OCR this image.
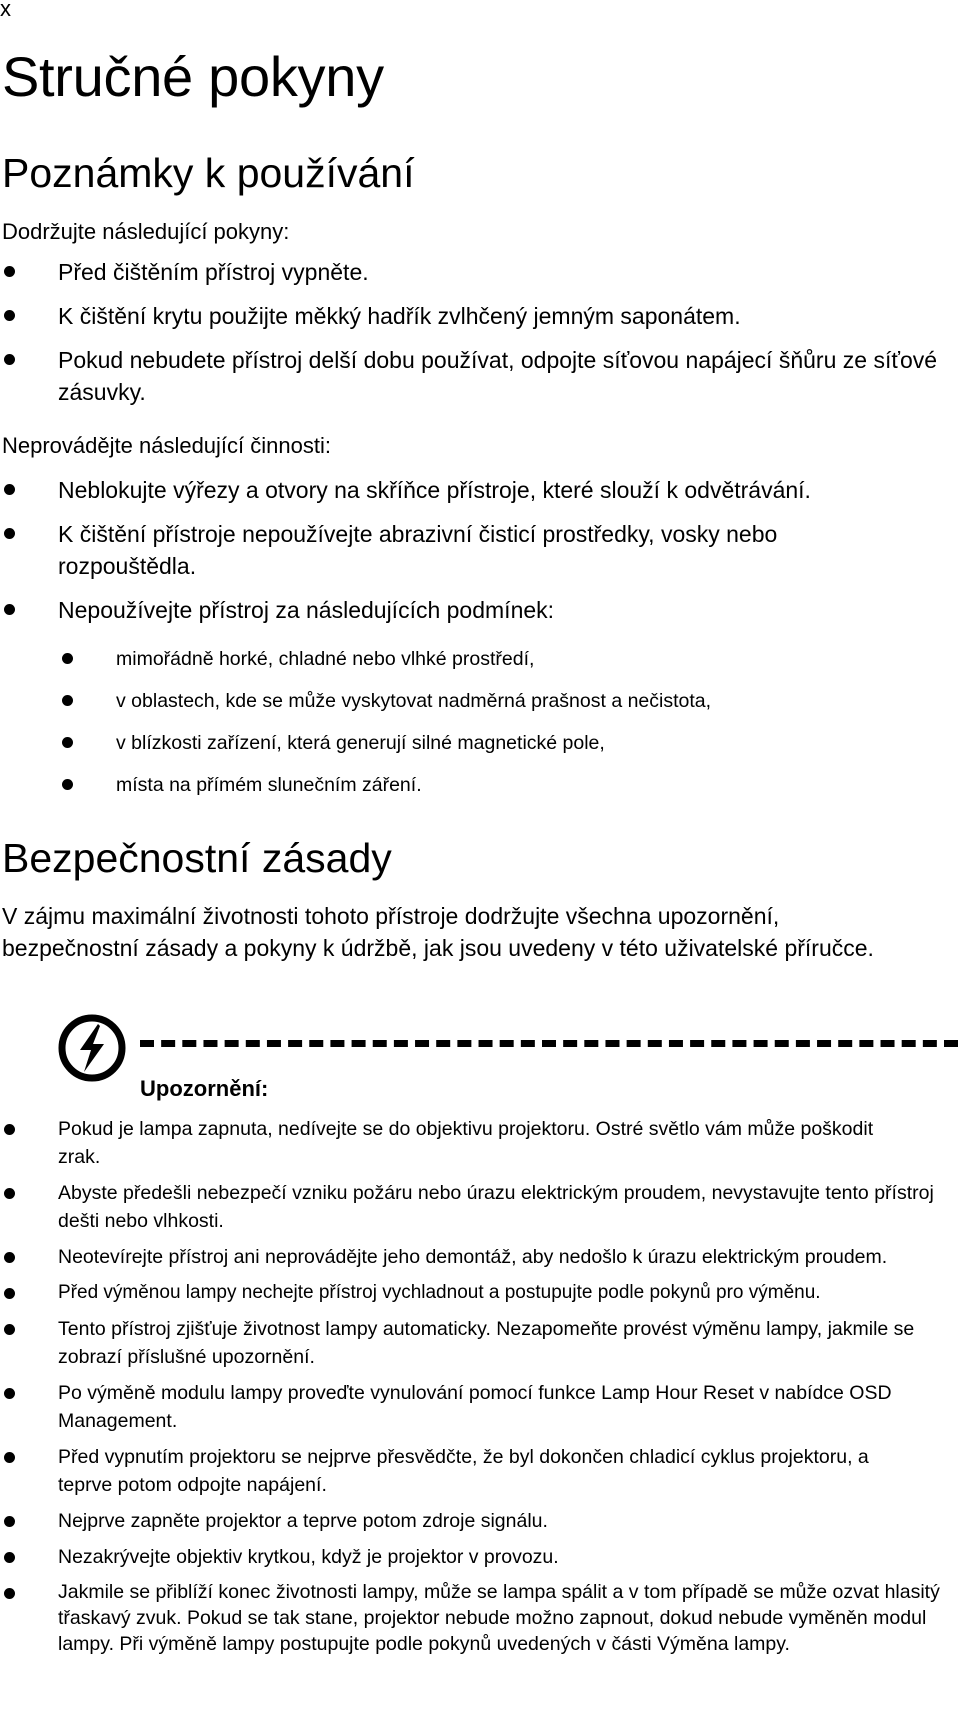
x
Stručné pokyny
Poznámky k používání

Dodržujte následující pokyny:

Před čištěním přístroj vypněte.
K čištění krytu použijte měkký hadřík zvlhčený jemným saponátem.
Pokud nebudete přístroj delší dobu používat, odpojte síťovou napájecí šňůru ze síťové zásuvky.

Neprovádějte následující činnosti:

Neblokujte výřezy a otvory na skříňce přístroje, které slouží k odvětrávání.
K čištění přístroje nepoužívejte abrazivní čisticí prostředky, vosky nebo rozpouštědla.
Nepoužívejte přístroj za následujících podmínek:
mimořádně horké, chladné nebo vlhké prostředí,
v oblastech, kde se může vyskytovat nadměrná prašnost a nečistota,
v blízkosti zařízení, která generují silné magnetické pole,
místa na přímém slunečním záření.
Bezpečnostní zásady

V zájmu maximální životnosti tohoto přístroje dodržujte všechna upozornění, bezpečnostní zásady a pokyny k údržbě, jak jsou uvedeny v této uživatelské příručce.

Upozornění:
Pokud je lampa zapnuta, nedívejte se do objektivu projektoru. Ostré světlo vám může poškodit zrak.
Abyste předešli nebezpečí vzniku požáru nebo úrazu elektrickým proudem, nevystavujte tento přístroj dešti nebo vlhkosti.
Neotevírejte přístroj ani neprovádějte jeho demontáž, aby nedošlo k úrazu elektrickým proudem.
Před výměnou lampy nechejte přístroj vychladnout a postupujte podle pokynů pro výměnu.
Tento přístroj zjišťuje životnost lampy automaticky. Nezapomeňte provést výměnu lampy, jakmile se zobrazí příslušné upozornění.
Po výměně modulu lampy proveďte vynulování pomocí funkce Lamp Hour Reset v nabídce OSD Management.
Před vypnutím projektoru se nejprve přesvědčte, že byl dokončen chladicí cyklus projektoru, a teprve potom odpojte napájení.
Nejprve zapněte projektor a teprve potom zdroje signálu.
Nezakrývejte objektiv krytkou, když je projektor v provozu.
Jakmile se přiblíží konec životnosti lampy, může se lampa spálit a v tom případě se může ozvat hlasitý třaskavý zvuk. Pokud se tak stane, projektor nebude možno zapnout, dokud nebude vyměněn modul lampy. Při výměně lampy postupujte podle pokynů uvedených v části Výměna lampy.
